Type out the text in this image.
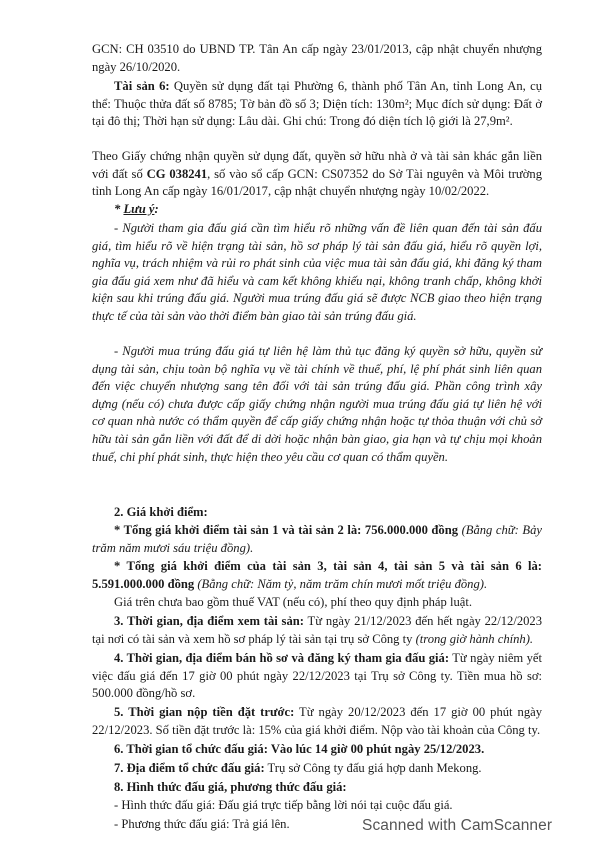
GCN: CH 03510 do UBND TP. Tân An cấp ngày 23/01/2013, cập nhật chuyển nhượng ngày 26/10/2020.

Tài sản 6: Quyền sử dụng đất tại Phường 6, thành phố Tân An, tỉnh Long An, cụ thể: Thuộc thửa đất số 8785; Tờ bản đồ số 3; Diện tích: 130m²; Mục đích sử dụng: Đất ở tại đô thị; Thời hạn sử dụng: Lâu dài. Ghi chú: Trong đó diện tích lộ giới là 27,9m².

Theo Giấy chứng nhận quyền sử dụng đất, quyền sở hữu nhà ở và tài sản khác gắn liền với đất số CG 038241, số vào sổ cấp GCN: CS07352 do Sở Tài nguyên và Môi trường tỉnh Long An cấp ngày 16/01/2017, cập nhật chuyển nhượng ngày 10/02/2022.

* Lưu ý:

- Người tham gia đấu giá cần tìm hiểu rõ những vấn đề liên quan đến tài sản đấu giá, tìm hiểu rõ về hiện trạng tài sản, hồ sơ pháp lý tài sản đấu giá, hiểu rõ quyền lợi, nghĩa vụ, trách nhiệm và rủi ro phát sinh của việc mua tài sản đấu giá, khi đăng ký tham gia đấu giá xem như đã hiểu và cam kết không khiếu nại, không tranh chấp, không khởi kiện sau khi trúng đấu giá. Người mua trúng đấu giá sẽ được NCB giao theo hiện trạng thực tế của tài sản vào thời điểm bàn giao tài sản trúng đấu giá.

- Người mua trúng đấu giá tự liên hệ làm thủ tục đăng ký quyền sở hữu, quyền sử dụng tài sản, chịu toàn bộ nghĩa vụ về tài chính về thuế, phí, lệ phí phát sinh liên quan đến việc chuyển nhượng sang tên đối với tài sản trúng đấu giá. Phần công trình xây dựng (nếu có) chưa được cấp giấy chứng nhận người mua trúng đấu giá tự liên hệ với cơ quan nhà nước có thẩm quyền để cấp giấy chứng nhận hoặc tự thỏa thuận với chủ sở hữu tài sản gắn liền với đất để di dời hoặc nhận bàn giao, gia hạn và tự chịu mọi khoản thuế, chi phí phát sinh, thực hiện theo yêu cầu cơ quan có thẩm quyền.

2. Giá khởi điểm:

* Tổng giá khởi điểm tài sản 1 và tài sản 2 là: 756.000.000 đồng (Bằng chữ: Bảy trăm năm mươi sáu triệu đồng).

* Tổng giá khởi điểm của tài sản 3, tài sản 4, tài sản 5 và tài sản 6 là: 5.591.000.000 đồng (Bằng chữ: Năm tỷ, năm trăm chín mươi mốt triệu đồng).

Giá trên chưa bao gồm thuế VAT (nếu có), phí theo quy định pháp luật.

3. Thời gian, địa điểm xem tài sản: Từ ngày 21/12/2023 đến hết ngày 22/12/2023 tại nơi có tài sản và xem hồ sơ pháp lý tài sản tại trụ sở Công ty (trong giờ hành chính).

4. Thời gian, địa điểm bán hồ sơ và đăng ký tham gia đấu giá: Từ ngày niêm yết việc đấu giá đến 17 giờ 00 phút ngày 22/12/2023 tại Trụ sở Công ty. Tiền mua hồ sơ: 500.000 đồng/hồ sơ.

5. Thời gian nộp tiền đặt trước: Từ ngày 20/12/2023 đến 17 giờ 00 phút ngày 22/12/2023. Số tiền đặt trước là: 15% của giá khởi điểm. Nộp vào tài khoản của Công ty.

6. Thời gian tổ chức đấu giá: Vào lúc 14 giờ 00 phút ngày 25/12/2023.

7. Địa điểm tổ chức đấu giá: Trụ sở Công ty đấu giá hợp danh Mekong.

8. Hình thức đấu giá, phương thức đấu giá:

- Hình thức đấu giá: Đấu giá trực tiếp bằng lời nói tại cuộc đấu giá.

- Phương thức đấu giá: Trả giá lên.	Scanned with CamScanner
